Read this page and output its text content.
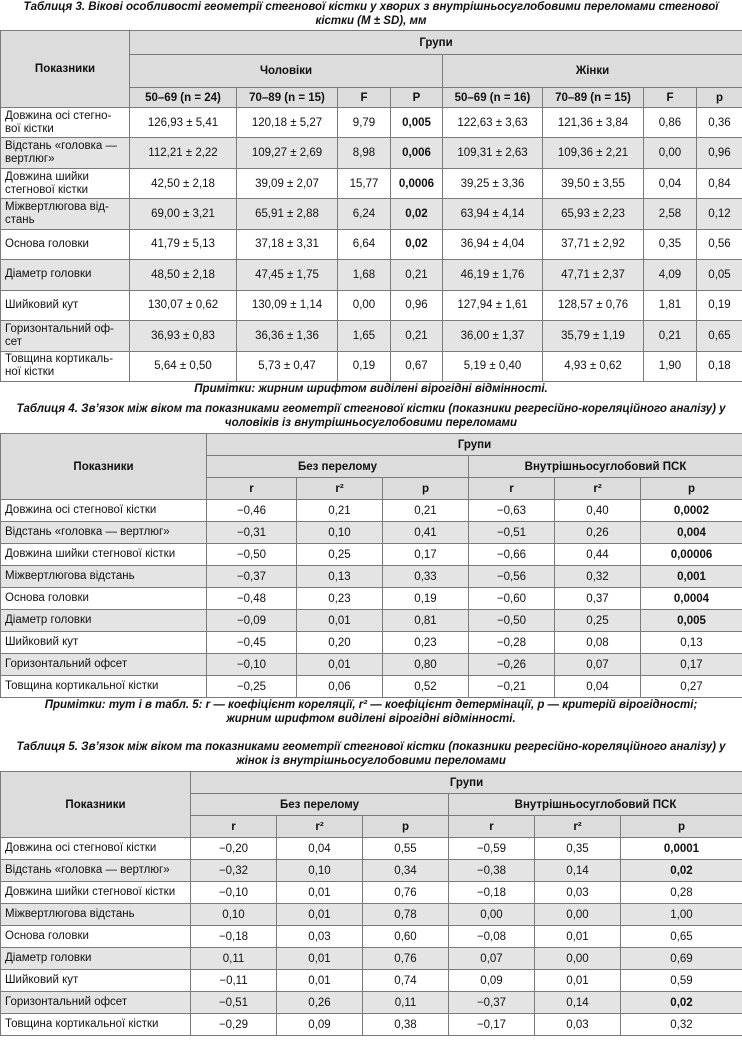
Таблиця 3. Вікові особливості геометрії стегнової кістки у хворих з внутрішньосуглобовими переломами стегнової кістки (M ± SD), мм
Показники	Групи							
	Чоловіки				Жінки			
	50–69 (n = 24)	70–89 (n = 15)	F	P	50–69 (n = 16)	70–89 (n = 15)	F	p
Довжина осі стегно-вої кістки	126,93 ± 5,41	120,18 ± 5,27	9,79	0,005	122,63 ± 3,63	121,36 ± 3,84	0,86	0,36
Відстань «головка — вертлюг»	112,21 ± 2,22	109,27 ± 2,69	8,98	0,006	109,31 ± 2,63	109,36 ± 2,21	0,00	0,96
Довжина шийки стегнової кістки	42,50 ± 2,18	39,09 ± 2,07	15,77	0,0006	39,25 ± 3,36	39,50 ± 3,55	0,04	0,84
Міжвертлюгова від-стань	69,00 ± 3,21	65,91 ± 2,88	6,24	0,02	63,94 ± 4,14	65,93 ± 2,23	2,58	0,12
Основа головки	41,79 ± 5,13	37,18 ± 3,31	6,64	0,02	36,94 ± 4,04	37,71 ± 2,92	0,35	0,56
Діаметр головки	48,50 ± 2,18	47,45 ± 1,75	1,68	0,21	46,19 ± 1,76	47,71 ± 2,37	4,09	0,05
Шийковий кут	130,07 ± 0,62	130,09 ± 1,14	0,00	0,96	127,94 ± 1,61	128,57 ± 0,76	1,81	0,19
Горизонтальний оф-сет	36,93 ± 0,83	36,36 ± 1,36	1,65	0,21	36,00 ± 1,37	35,79 ± 1,19	0,21	0,65
Товщина кортикаль-ної кістки	5,64 ± 0,50	5,73 ± 0,47	0,19	0,67	5,19 ± 0,40	4,93 ± 0,62	1,90	0,18
Примітки: жирним шрифтом виділені вірогідні відмінності.
Таблиця 4. Зв’язок між віком та показниками геометрії стегнової кістки (показники регресійно-кореляційного аналізу) у чоловіків із внутрішньосуглобовими переломами
Показники	Групи					
	Без перелому			Внутрішньосуглобовий ПСК		
	r	r²	p	r	r²	p
Довжина осі стегнової кістки	−0,46	0,21	0,21	−0,63	0,40	0,0002
Відстань «головка — вертлюг»	−0,31	0,10	0,41	−0,51	0,26	0,004
Довжина шийки стегнової кістки	−0,50	0,25	0,17	−0,66	0,44	0,00006
Міжвертлюгова відстань	−0,37	0,13	0,33	−0,56	0,32	0,001
Основа головки	−0,48	0,23	0,19	−0,60	0,37	0,0004
Діаметр головки	−0,09	0,01	0,81	−0,50	0,25	0,005
Шийковий кут	−0,45	0,20	0,23	−0,28	0,08	0,13
Горизонтальний офсет	−0,10	0,01	0,80	−0,26	0,07	0,17
Товщина кортикальної кістки	−0,25	0,06	0,52	−0,21	0,04	0,27
Примітки: тут і в табл. 5: r — коефіцієнт кореляції, r² — коефіцієнт детермінації, p — критерій вірогідності; жирним шрифтом виділені вірогідні відмінності.
Таблиця 5. Зв’язок між віком та показниками геометрії стегнової кістки (показники регресійно-кореляційного аналізу) у жінок із внутрішньосуглобовими переломами
Показники	Групи					
	Без перелому			Внутрішньосуглобовий ПСК		
	r	r²	p	r	r²	p
Довжина осі стегнової кістки	−0,20	0,04	0,55	−0,59	0,35	0,0001
Відстань «головка — вертлюг»	−0,32	0,10	0,34	−0,38	0,14	0,02
Довжина шийки стегнової кістки	−0,10	0,01	0,76	−0,18	0,03	0,28
Міжвертлюгова відстань	0,10	0,01	0,78	0,00	0,00	1,00
Основа головки	−0,18	0,03	0,60	−0,08	0,01	0,65
Діаметр головки	0,11	0,01	0,76	0,07	0,00	0,69
Шийковий кут	−0,11	0,01	0,74	0,09	0,01	0,59
Горизонтальний офсет	−0,51	0,26	0,11	−0,37	0,14	0,02
Товщина кортикальної кістки	−0,29	0,09	0,38	−0,17	0,03	0,32
